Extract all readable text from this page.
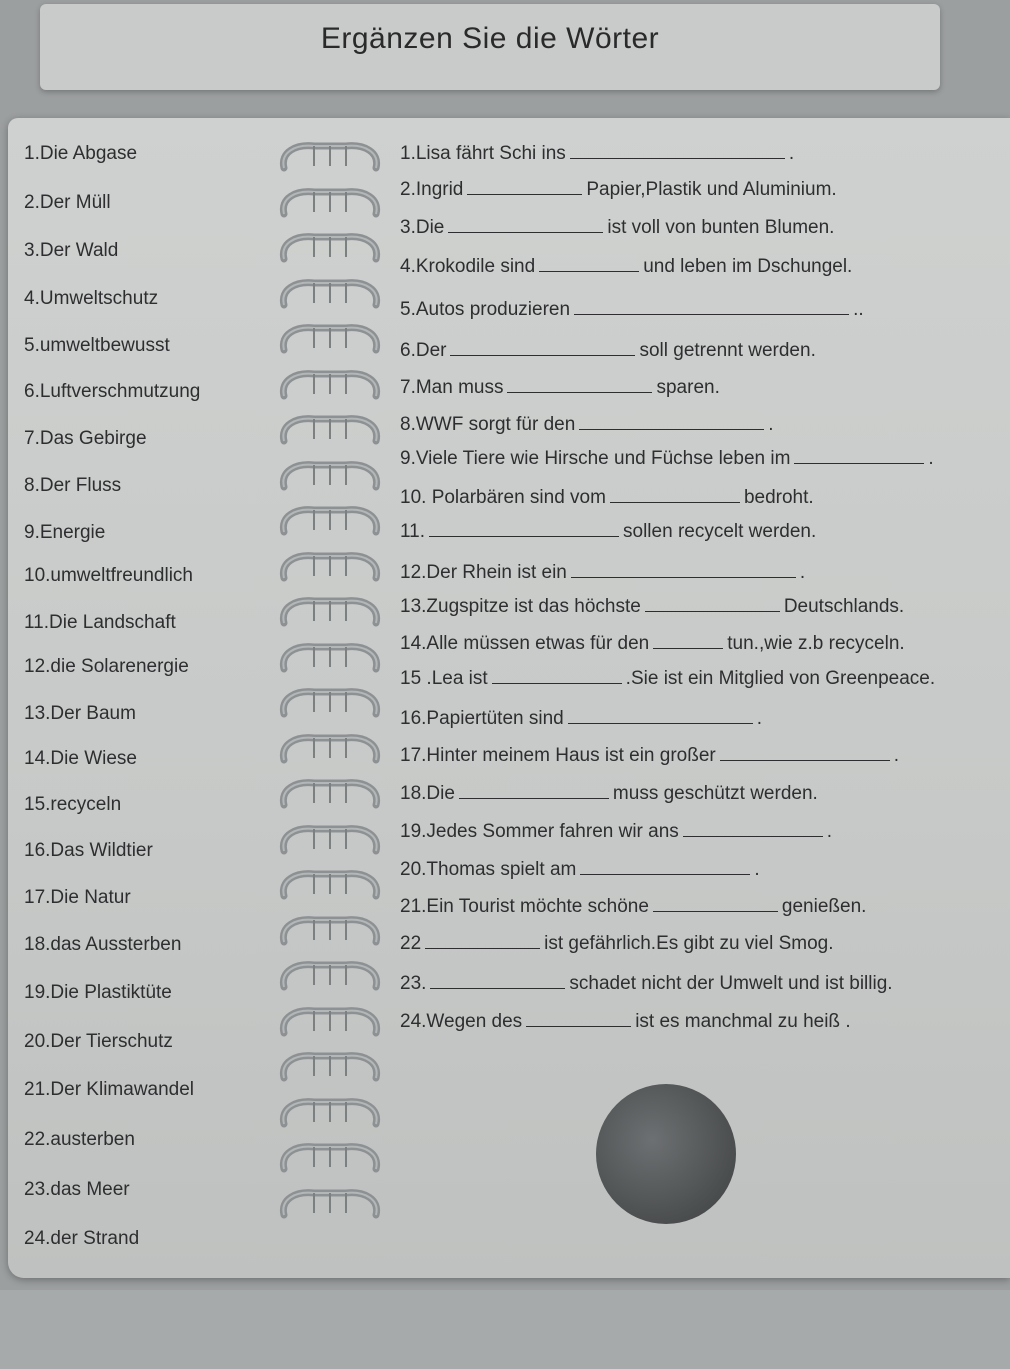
Ergänzen Sie die Wörter
1.Die Abgase
2.Der Müll
3.Der Wald
4.Umweltschutz
5.umweltbewusst
6.Luftverschmutzung
7.Das Gebirge
8.Der Fluss
9.Energie
10.umweltfreundlich
11.Die Landschaft
12.die Solarenergie
13.Der Baum
14.Die Wiese
15.recyceln
16.Das Wildtier
17.Die Natur
18.das Aussterben
19.Die Plastiktüte
20.Der Tierschutz
21.Der Klimawandel
22.austerben
23.das Meer
24.der Strand
1.Lisa fährt Schi ins	.
2.Ingrid	Papier,Plastik und Aluminium.
3.Die	ist voll von bunten Blumen.
4.Krokodile sind	und leben im Dschungel.
5.Autos produzieren	..
6.Der	soll getrennt werden.
7.Man muss	sparen.
8.WWF sorgt für den	.
9.Viele Tiere wie Hirsche und Füchse leben im	.
10. Polarbären sind vom	bedroht.
11.	sollen recycelt werden.
12.Der Rhein ist ein	.
13.Zugspitze ist das höchste	Deutschlands.
14.Alle müssen etwas für den	tun.,wie z.b recyceln.
15 .Lea ist	.Sie ist ein Mitglied von Greenpeace.
16.Papiertüten sind	.
17.Hinter meinem Haus ist ein großer	.
18.Die	muss geschützt werden.
19.Jedes Sommer fahren wir ans	.
20.Thomas spielt am	.
21.Ein Tourist möchte schöne	genießen.
22	ist gefährlich.Es gibt zu viel Smog.
23.	schadet nicht der Umwelt und ist billig.
24.Wegen des	ist es manchmal zu heiß .
